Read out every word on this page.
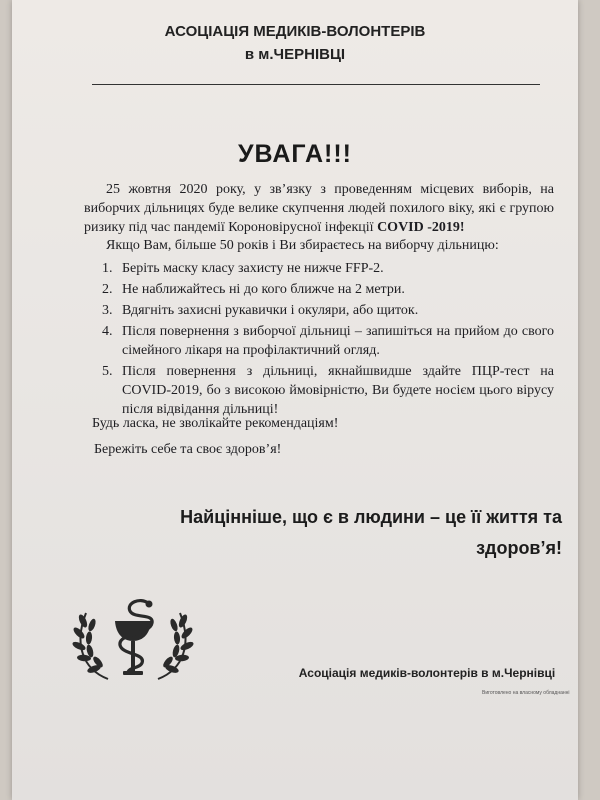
АСОЦІАЦІЯ МЕДИКІВ-ВОЛОНТЕРІВ
в м.ЧЕРНІВЦІ
УВАГА!!!
25 жовтня 2020 року, у зв’язку з проведенням місцевих виборів, на виборчих дільницях буде велике скупчення людей похилого віку, які є групою ризику під час пандемії Короновірусної інфекції COVID -2019!
Якщо Вам, більше 50 років і Ви збираєтесь на виборчу дільницю:
1. Беріть маску класу захисту не нижче FFP-2.
2. Не наближайтесь ні до кого ближче на 2 метри.
3. Вдягніть захисні рукавички і окуляри, або щиток.
4. Після повернення з виборчої дільниці – запишіться на прийом до свого сімейного лікаря на профілактичний огляд.
5. Після повернення з дільниці, якнайшвидше здайте ПЦР-тест на COVID-2019, бо з високою ймовірністю, Ви будете носієм цього вірусу після відвідання дільниці!
Будь ласка, не зволікайте рекомендаціям!
Бережіть себе та своє здоров’я!
Найцінніше, що є в людини – це її життя та
здоров’я!
Асоціація медиків-волонтерів в м.Чернівці
Виготовлено на власному обладнанні
